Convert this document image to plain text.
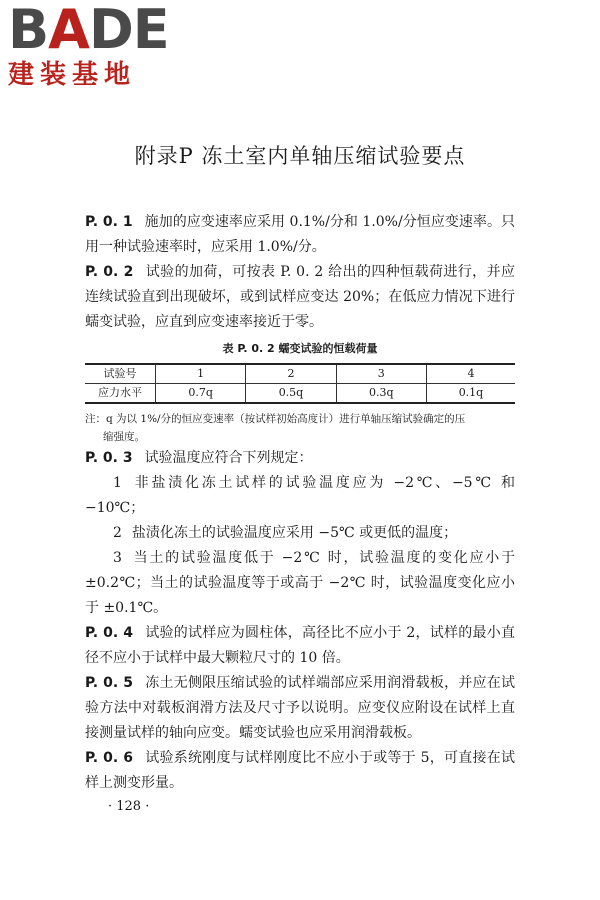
BADE
建装基地
附录P 冻土室内单轴压缩试验要点

P. 0. 1 施加的应变速率应采用 0.1%/分和 1.0%/分恒应变速率。只用一种试验速率时，应采用 1.0%/分。

P. 0. 2 试验的加荷，可按表 P. 0. 2 给出的四种恒载荷进行，并应连续试验直到出现破坏，或到试样应变达 20%；在低应力情况下进行蠕变试验，应直到应变速率接近于零。

表 P. 0. 2 蠕变试验的恒载荷量
试验号	1	2	3	4
应力水平	0.7q	0.5q	0.3q	0.1q
注：q 为以 1%/分的恒应变速率（按试样初始高度计）进行单轴压缩试验确定的压
缩强度。

P. 0. 3 试验温度应符合下列规定：

1 非盐渍化冻土试样的试验温度应为 −2℃、−5℃ 和 −10℃；

2 盐渍化冻土的试验温度应采用 −5℃ 或更低的温度；

3 当土的试验温度低于 −2℃ 时，试验温度的变化应小于 ±0.2℃；当土的试验温度等于或高于 −2℃ 时，试验温度变化应小于 ±0.1℃。

P. 0. 4 试验的试样应为圆柱体，高径比不应小于 2，试样的最小直径不应小于试样中最大颗粒尺寸的 10 倍。

P. 0. 5 冻土无侧限压缩试验的试样端部应采用润滑载板，并应在试验方法中对载板润滑方法及尺寸予以说明。应变仪应附设在试样上直接测量试样的轴向应变。蠕变试验也应采用润滑载板。

P. 0. 6 试验系统刚度与试样刚度比不应小于或等于 5，可直接在试样上测变形量。

· 128 ·
